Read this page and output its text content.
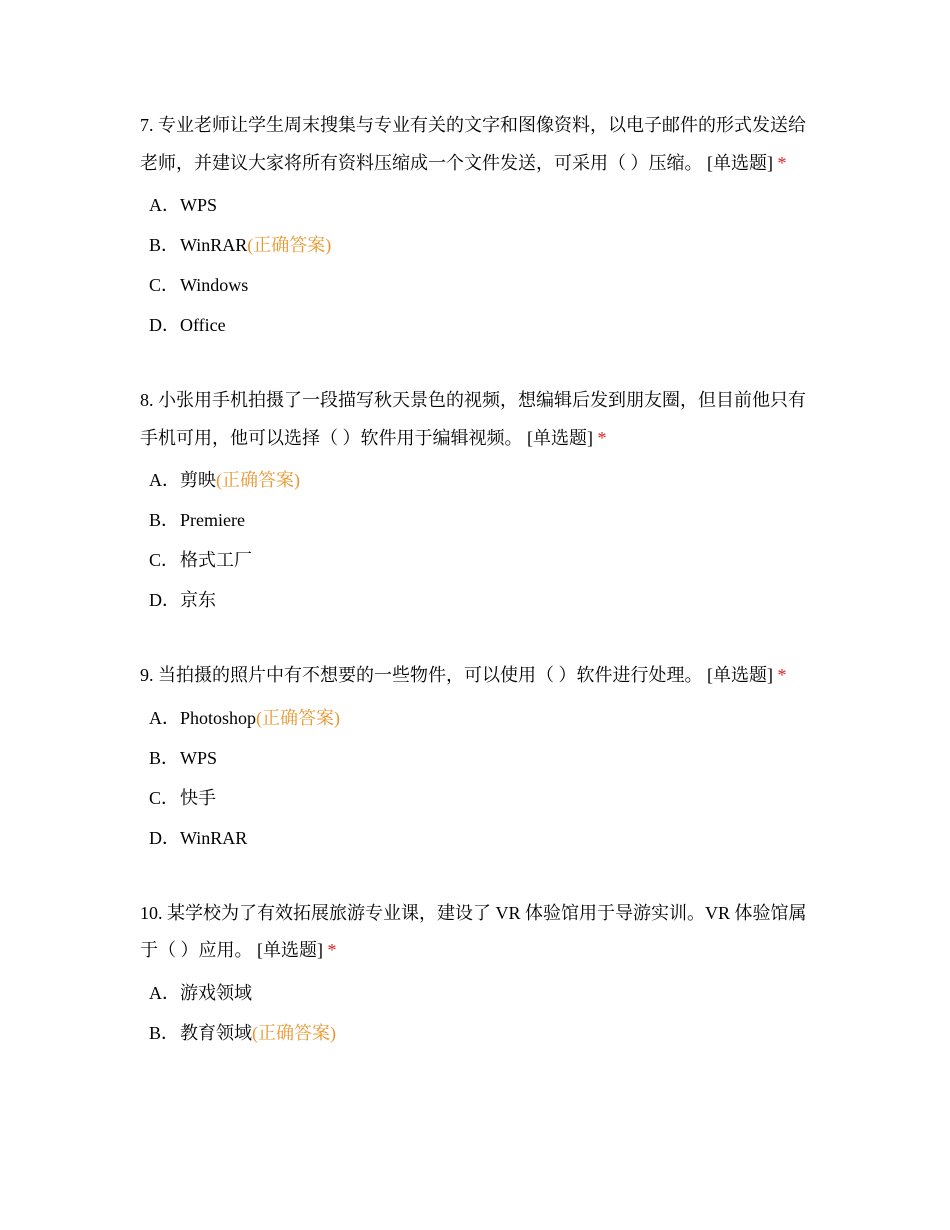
7. 专业老师让学生周末搜集与专业有关的文字和图像资料，以电子邮件的形式发送给老师，并建议大家将所有资料压缩成一个文件发送，可采用（ ）压缩。 [单选题] *
A．WPS
B．WinRAR(正确答案)
C．Windows
D．Office
8. 小张用手机拍摄了一段描写秋天景色的视频，想编辑后发到朋友圈，但目前他只有手机可用，他可以选择（ ）软件用于编辑视频。 [单选题] *
A．剪映(正确答案)
B．Premiere
C．格式工厂
D．京东
9. 当拍摄的照片中有不想要的一些物件，可以使用（ ）软件进行处理。 [单选题] *
A．Photoshop(正确答案)
B．WPS
C．快手
D．WinRAR
10. 某学校为了有效拓展旅游专业课，建设了 VR 体验馆用于导游实训。VR 体验馆属于（ ）应用。 [单选题] *
A．游戏领域
B．教育领域(正确答案)
